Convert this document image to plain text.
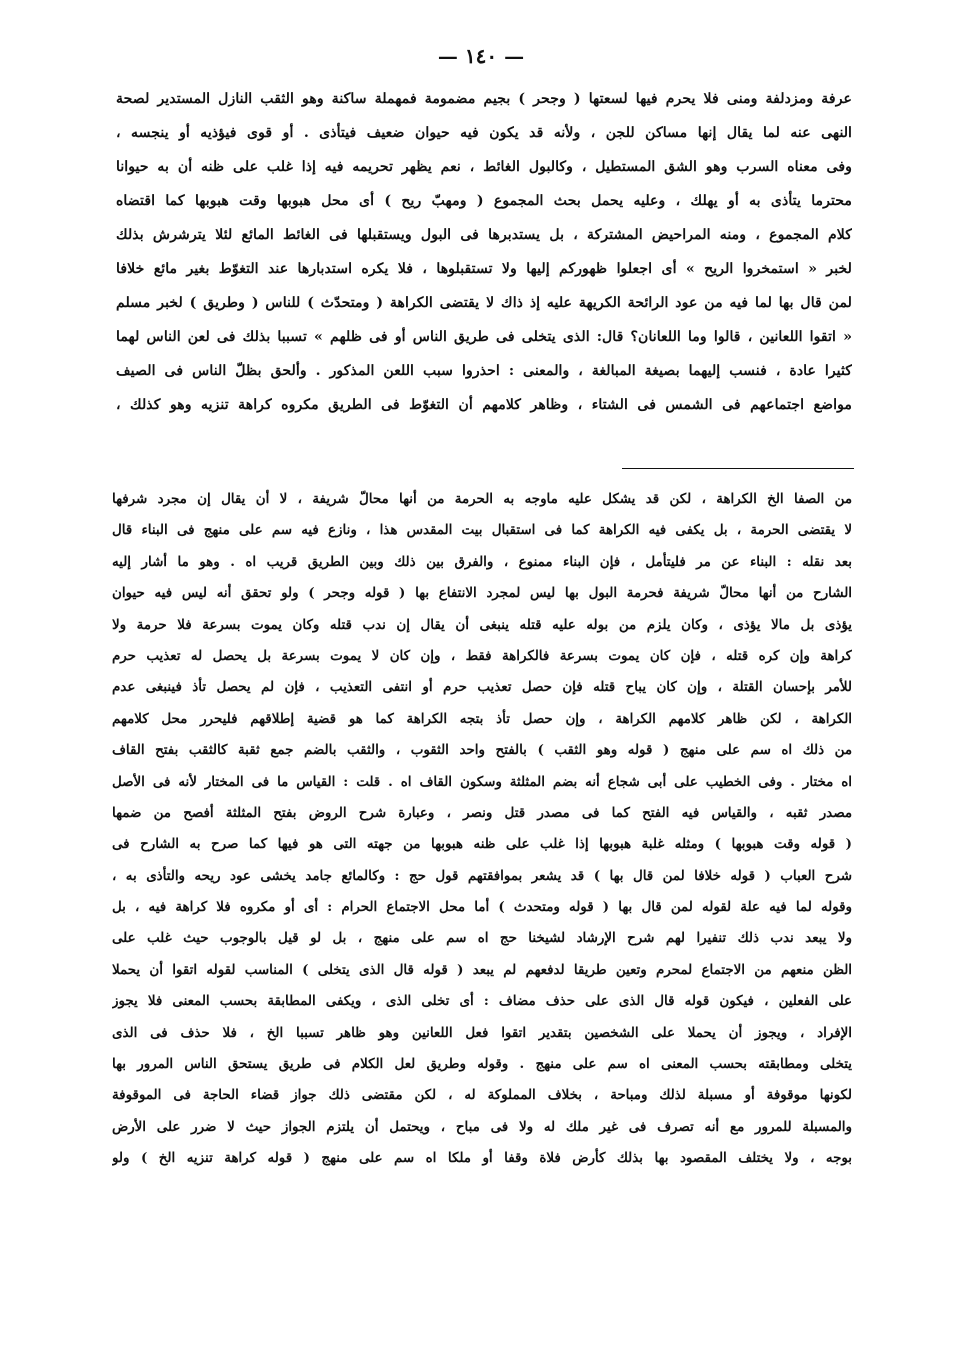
— ١٤٠ —
عرفة ومزدلفة ومنى فلا يحرم فيها لسعتها ( وجحر ) بجيم مضمومة فمهملة ساكنة وهو الثقب النازل المستدير لصحة
النهى عنه لما يقال إنها مساكن للجن ، ولأنه قد يكون فيه حيوان ضعيف فيتأذى . أو قوى فيؤذيه أو ينجسه ،
وفى معناه السرب وهو الشق المستطيل ، وكالبول الغائط ، نعم يظهر تحريمه فيه إذا غلب على ظنه أن به حيوانا
محترما يتأذى به أو يهلك ، وعليه يحمل بحث المجموع ( ومهبّ ريح ) أى محل هبوبها وقت هبوبها كما اقتضاه
كلام المجموع ، ومنه المراحيض المشتركة ، بل يستدبرها فى البول ويستقبلها فى الغائط المائع لئلا يترشرش بذلك
لخبر « استمخروا الريح » أى اجعلوا ظهوركم إليها ولا تستقبلوها ، فلا يكره استدبارها عند التغوّط بغير مائع خلافا
لمن قال بها لما فيه من عود الرائحة الكريهة عليه إذ ذاك لا يقتضى الكراهة ( ومتحدّث ) للناس ( وطريق ) لخبر مسلم
« اتقوا اللعانين ، قالوا وما اللعانان؟ قال: الذى يتخلى فى طريق الناس أو فى ظلهم » تسببا بذلك فى لعن الناس لهما
كثيرا عادة ، فنسب إليهما بصيغة المبالغة ، والمعنى : احذروا سبب اللعن المذكور . وألحق بظلّ الناس فى الصيف
مواضع اجتماعهم فى الشمس فى الشتاء ، وظاهر كلامهم أن التغوّط فى الطريق مكروه كراهة تنزيه وهو كذلك ،
من الصفا الخ الكراهة ، لكن قد يشكل عليه ماوجه به الحرمة من أنها محالّ شريفة ، لا أن يقال إن مجرد شرفها
لا يقتضى الحرمة ، بل يكفى فيه الكراهة كما فى استقبال بيت المقدس هذا ، ونازع فيه سم على منهج فى البناء قال
بعد نقله : البناء عن مر فليتأمل ، فإن البناء ممنوع ، والفرق بين ذلك وبين الطريق قريب اه . وهو ما أشار إليه
الشارح من أنها محالّ شريفة فحرمة البول بها ليس لمجرد الانتفاع بها ( قوله وجحر ) ولو تحقق أنه ليس فيه حيوان
يؤذى بل مالا يؤذى ، وكان يلزم من بوله عليه قتله ينبغى أن يقال إن ندب قتله وكان يموت بسرعة فلا حرمة ولا
كراهة وإن كره قتله ، فإن كان يموت بسرعة فالكراهة فقط ، وإن كان لا يموت بسرعة بل يحصل له تعذيب حرم
للأمر بإحسان القتلة ، وإن كان يباح قتله فإن حصل تعذيب حرم أو انتفى التعذيب ، فإن لم يحصل تأذ فينبغى عدم
الكراهة ، لكن ظاهر كلامهم الكراهة ، وإن حصل تأذ بتجه الكراهة كما هو قضية إطلاقهم فليحرر محل كلامهم
من ذلك اه سم على منهج ( قوله وهو الثقب ) بالفتح واحد الثقوب ، والثقب بالضم جمع ثقبة كالثقب بفتح القاف
اه مختار . وفى الخطيب على أبى شجاع أنه بضم المثلثة وسكون القاف اه . قلت : القياس ما فى المختار لأنه فى الأصل
مصدر ثقبه ، والقياس فيه الفتح كما فى مصدر قتل ونصر ، وعبارة شرح الروض بفتح المثلثة أفصح من ضمها
( قوله وقت هبوبها ) ومثله غلبة هبوبها إذا غلب على ظنه هبوبها من جهته التى هو فيها كما صرح به الشارح فى
شرح العباب ( قوله خلافا لمن قال بها ) قد يشعر بموافقتهم قول حج : وكالمائع جامد يخشى عود ريحه والتأذى به ،
وقوله لما فيه علة لقوله لمن قال بها ( قوله ومتحدث ) أما محل الاجتماع الحرام : أى أو مكروه فلا كراهة فيه ، بل
ولا يبعد ندب ذلك تنفيرا لهم شرح الإرشاد لشيخنا حج اه سم على منهج ، بل لو قيل بالوجوب حيث غلب على
الظن منعهم من الاجتماع لمحرم وتعين طريقا لدفعهم لم يبعد ( قوله قال الذى يتخلى ) المناسب لقوله اتقوا أن يحملا
على الفعلين ، فيكون قوله قال الذى على حذف مضاف : أى تخلى الذى ، ويكفى المطابقة بحسب المعنى فلا يجوز
الإفراد ، ويجوز أن يحملا على الشخصين بتقدير اتقوا فعل اللعانين وهو ظاهر تسببا الخ ، فلا حذف فى الذى
يتخلى ومطابقته بحسب المعنى اه سم على منهج . وقوله وطريق لعل الكلام فى طريق يستحق الناس المرور بها
لكونها موقوفة أو مسبلة لذلك ومباحة ، بخلاف المملوكة له ، لكن مقتضى ذلك جواز قضاء الحاجة فى الموقوفة
والمسبلة للمرور مع أنه تصرف فى غير ملك له ولا فى مباح ، ويحتمل أن يلتزم الجواز حيث لا ضرر على الأرض
بوجه ، ولا يختلف المقصود بها بذلك كأرض فلاة وقفا أو ملكا اه سم على منهج ( قوله كراهة تنزيه الخ ) ولو
